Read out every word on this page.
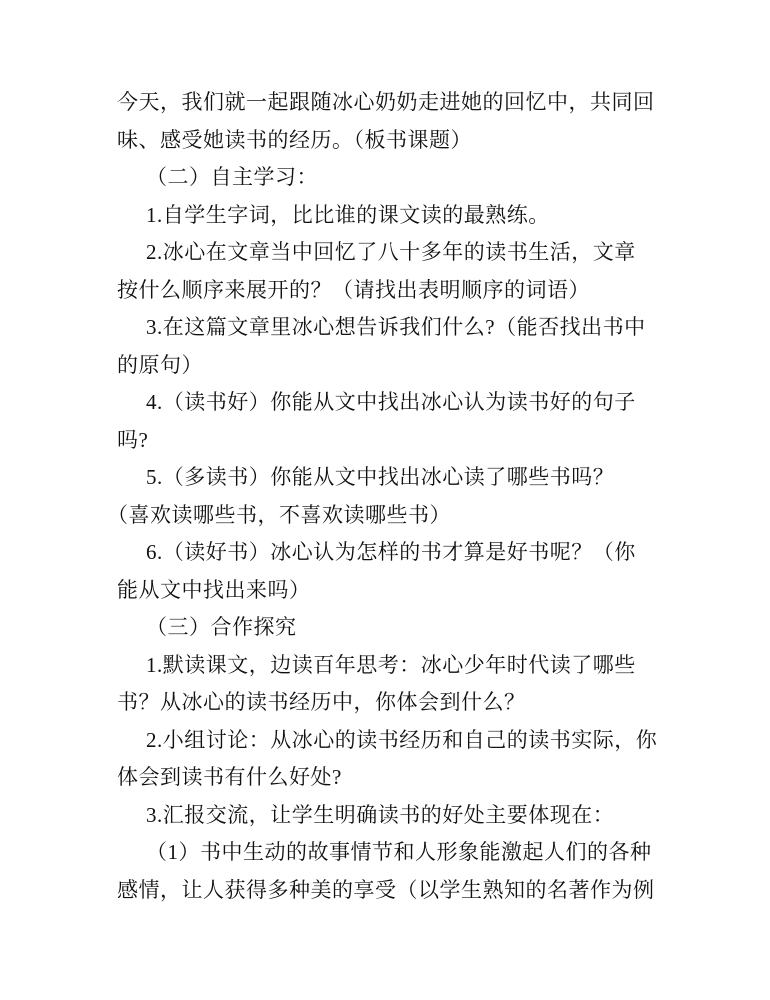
今天，我们就一起跟随冰心奶奶走进她的回忆中，共同回
味、感受她读书的经历。（板书课题）
（二）自主学习：
1.自学生字词，比比谁的课文读的最熟练。
2.冰心在文章当中回忆了八十多年的读书生活，文章
按什么顺序来展开的？（请找出表明顺序的词语）
3.在这篇文章里冰心想告诉我们什么?（能否找出书中
的原句）
4.（读书好）你能从文中找出冰心认为读书好的句子
吗?
5.（多读书）你能从文中找出冰心读了哪些书吗？
（喜欢读哪些书，不喜欢读哪些书）
6.（读好书）冰心认为怎样的书才算是好书呢？（你
能从文中找出来吗）
（三）合作探究
1.默读课文，边读百年思考：冰心少年时代读了哪些
书？从冰心的读书经历中，你体会到什么？
2.小组讨论：从冰心的读书经历和自己的读书实际，你
体会到读书有什么好处?
3.汇报交流，让学生明确读书的好处主要体现在：
（1）书中生动的故事情节和人形象能激起人们的各种
感情，让人获得多种美的享受（以学生熟知的名著作为例
